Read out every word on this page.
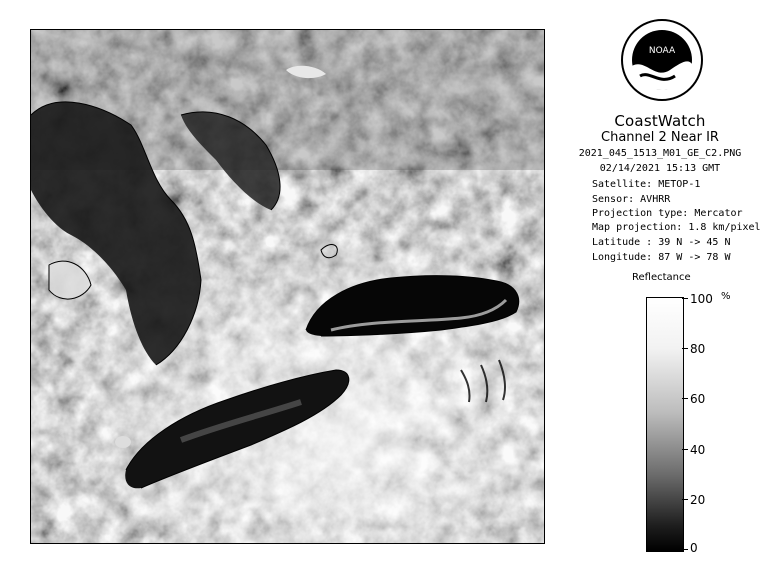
NOAA
CoastWatch
Channel 2 Near IR
2021_045_1513_M01_GE_C2.PNG
02/14/2021 15:13 GMT
Satellite: METOP-1
Sensor: AVHRR
Projection type: Mercator
Map projection: 1.8 km/pixel
Latitude : 39 N -> 45 N
Longitude: 87 W -> 78 W
Reflectance
%
100
80
60
40
20
0
